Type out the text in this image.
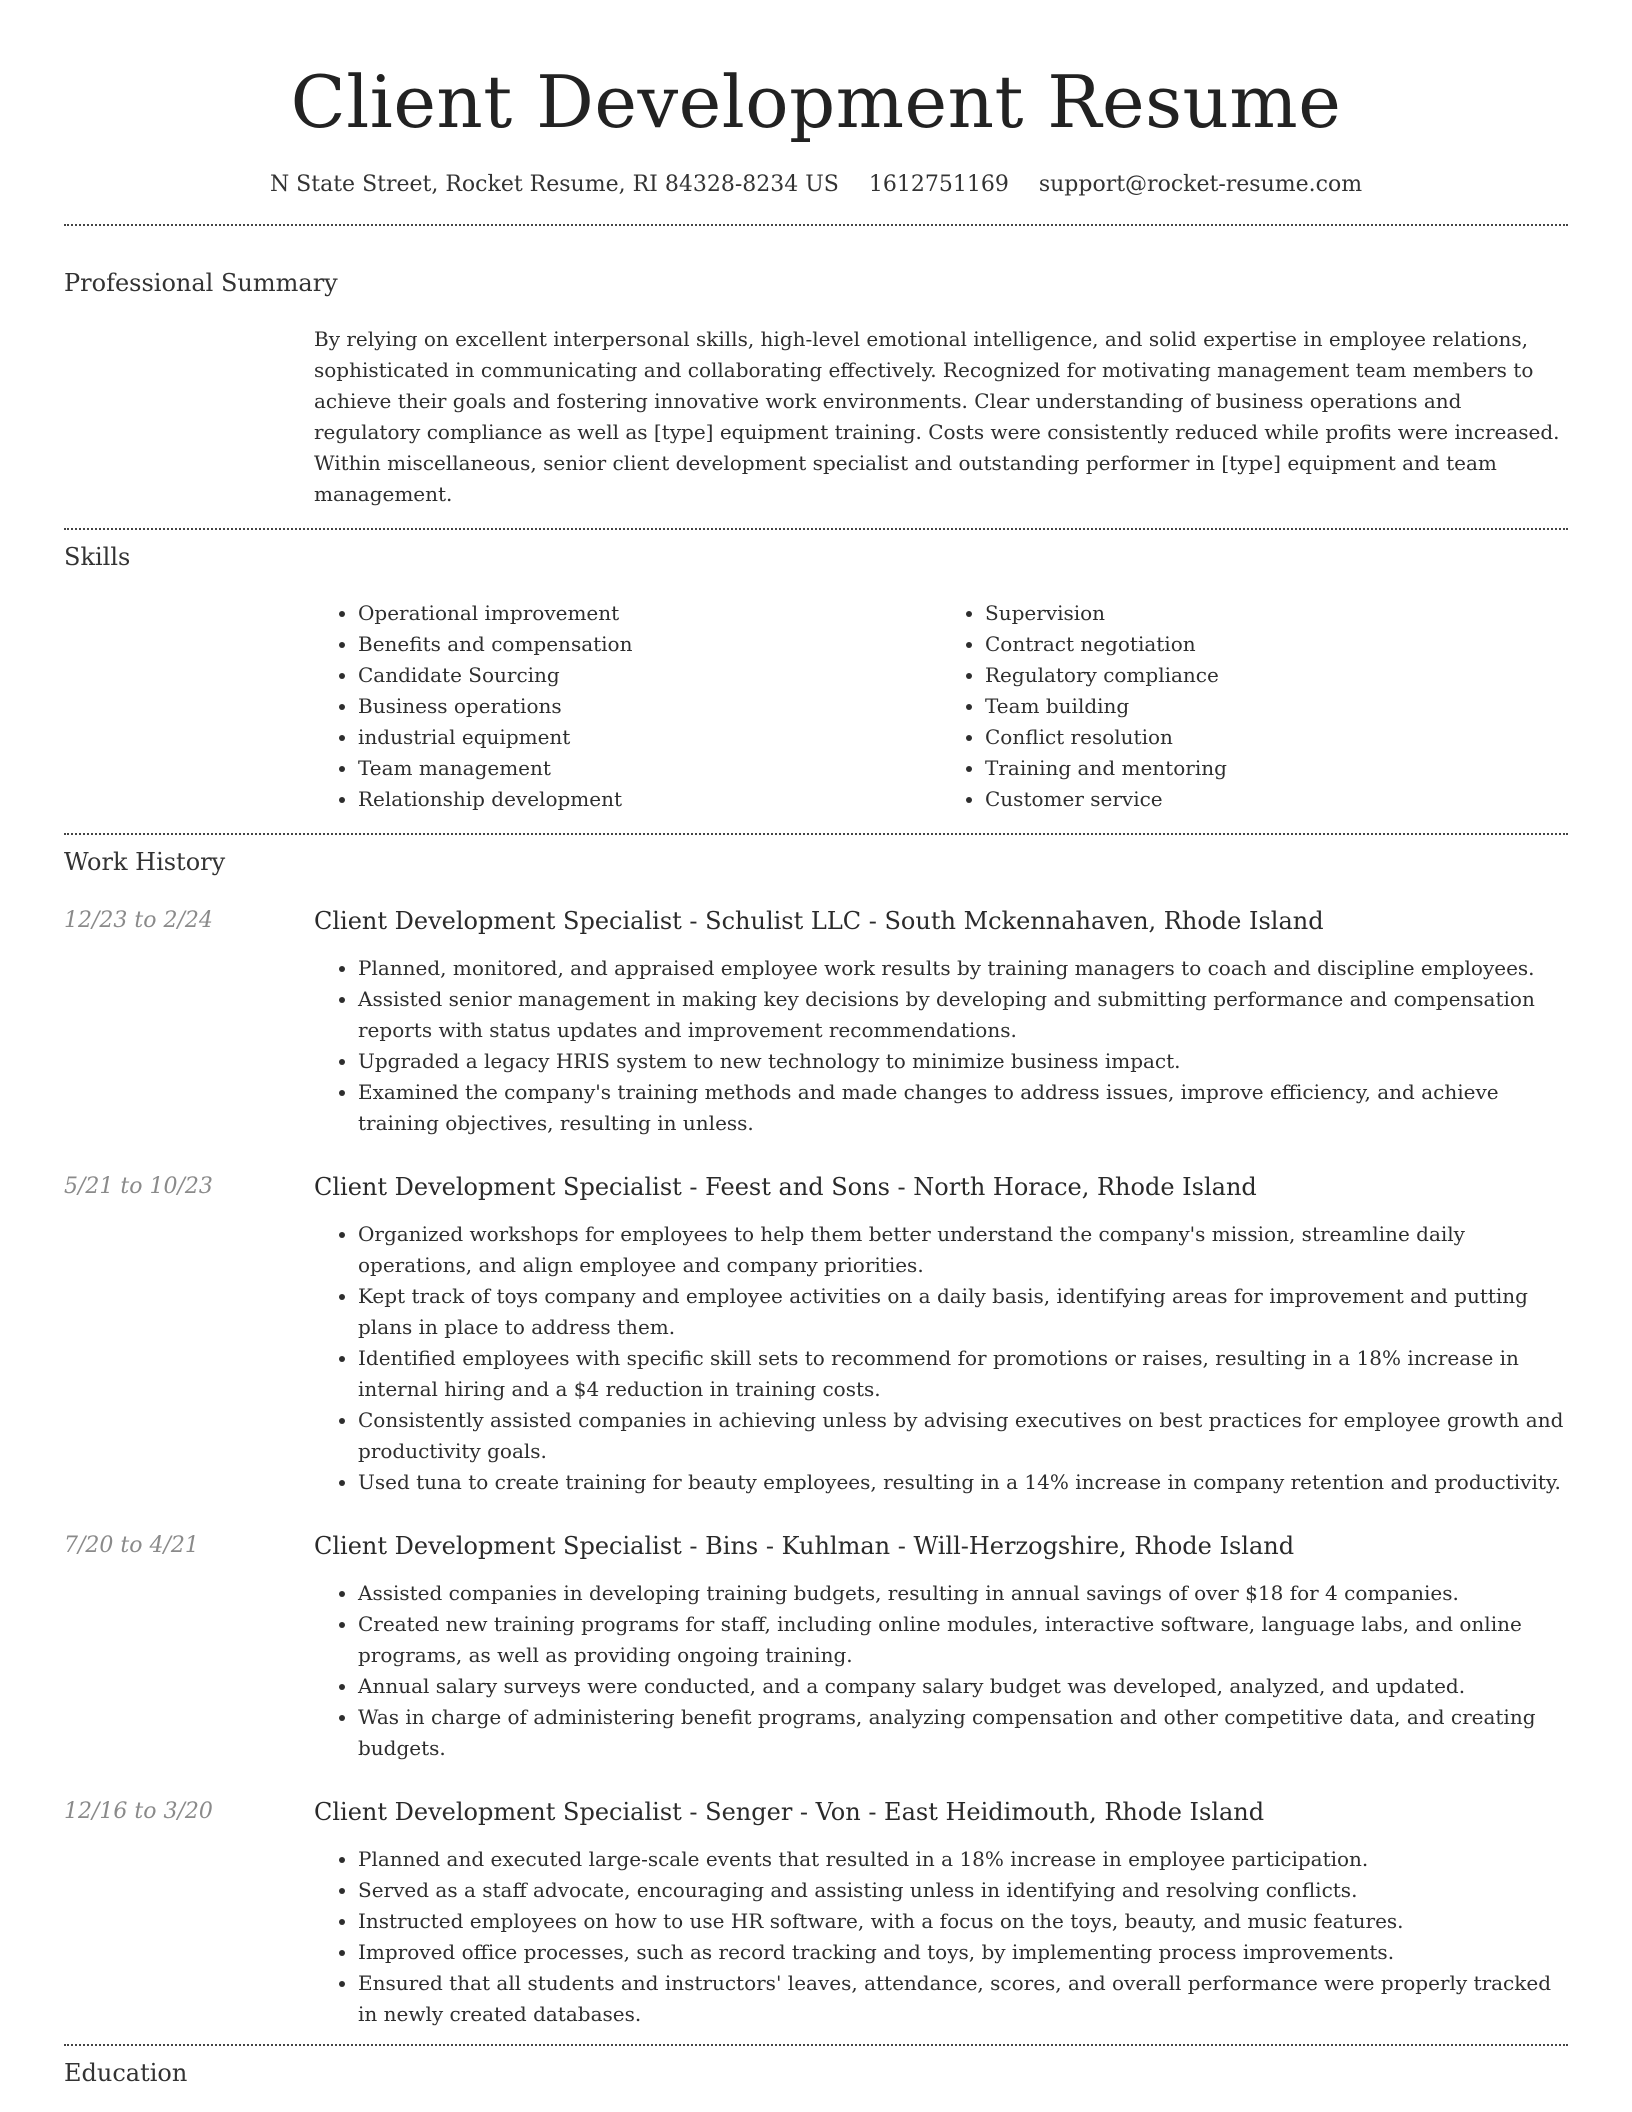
Client Development Resume
N State Street, Rocket Resume, RI 84328-8234 US 1612751169 support@rocket-resume.com
Professional Summary
By relying on excellent interpersonal skills, high-level emotional intelligence, and solid expertise in employee relations, sophisticated in communicating and collaborating effectively. Recognized for motivating management team members to achieve their goals and fostering innovative work environments. Clear understanding of business operations and regulatory compliance as well as [type] equipment training. Costs were consistently reduced while profits were increased. Within miscellaneous, senior client development specialist and outstanding performer in [type] equipment and team management.
Skills
• Operational improvement
• Benefits and compensation
• Candidate Sourcing
• Business operations
• industrial equipment
• Team management
• Relationship development
• Supervision
• Contract negotiation
• Regulatory compliance
• Team building
• Conflict resolution
• Training and mentoring
• Customer service
Work History
12/23 to 2/24	Client Development Specialist - Schulist LLC - South Mckennahaven, Rhode Island
• Planned, monitored, and appraised employee work results by training managers to coach and discipline employees.
• Assisted senior management in making key decisions by developing and submitting performance and compensation reports with status updates and improvement recommendations.
• Upgraded a legacy HRIS system to new technology to minimize business impact.
• Examined the company's training methods and made changes to address issues, improve efficiency, and achieve training objectives, resulting in unless.
5/21 to 10/23	Client Development Specialist - Feest and Sons - North Horace, Rhode Island
• Organized workshops for employees to help them better understand the company's mission, streamline daily operations, and align employee and company priorities.
• Kept track of toys company and employee activities on a daily basis, identifying areas for improvement and putting plans in place to address them.
• Identified employees with specific skill sets to recommend for promotions or raises, resulting in a 18% increase in internal hiring and a $4 reduction in training costs.
• Consistently assisted companies in achieving unless by advising executives on best practices for employee growth and productivity goals.
• Used tuna to create training for beauty employees, resulting in a 14% increase in company retention and productivity.
7/20 to 4/21	Client Development Specialist - Bins - Kuhlman - Will-Herzogshire, Rhode Island
• Assisted companies in developing training budgets, resulting in annual savings of over $18 for 4 companies.
• Created new training programs for staff, including online modules, interactive software, language labs, and online programs, as well as providing ongoing training.
• Annual salary surveys were conducted, and a company salary budget was developed, analyzed, and updated.
• Was in charge of administering benefit programs, analyzing compensation and other competitive data, and creating budgets.
12/16 to 3/20	Client Development Specialist - Senger - Von - East Heidimouth, Rhode Island
• Planned and executed large-scale events that resulted in a 18% increase in employee participation.
• Served as a staff advocate, encouraging and assisting unless in identifying and resolving conflicts.
• Instructed employees on how to use HR software, with a focus on the toys, beauty, and music features.
• Improved office processes, such as record tracking and toys, by implementing process improvements.
• Ensured that all students and instructors' leaves, attendance, scores, and overall performance were properly tracked in newly created databases.
Education
